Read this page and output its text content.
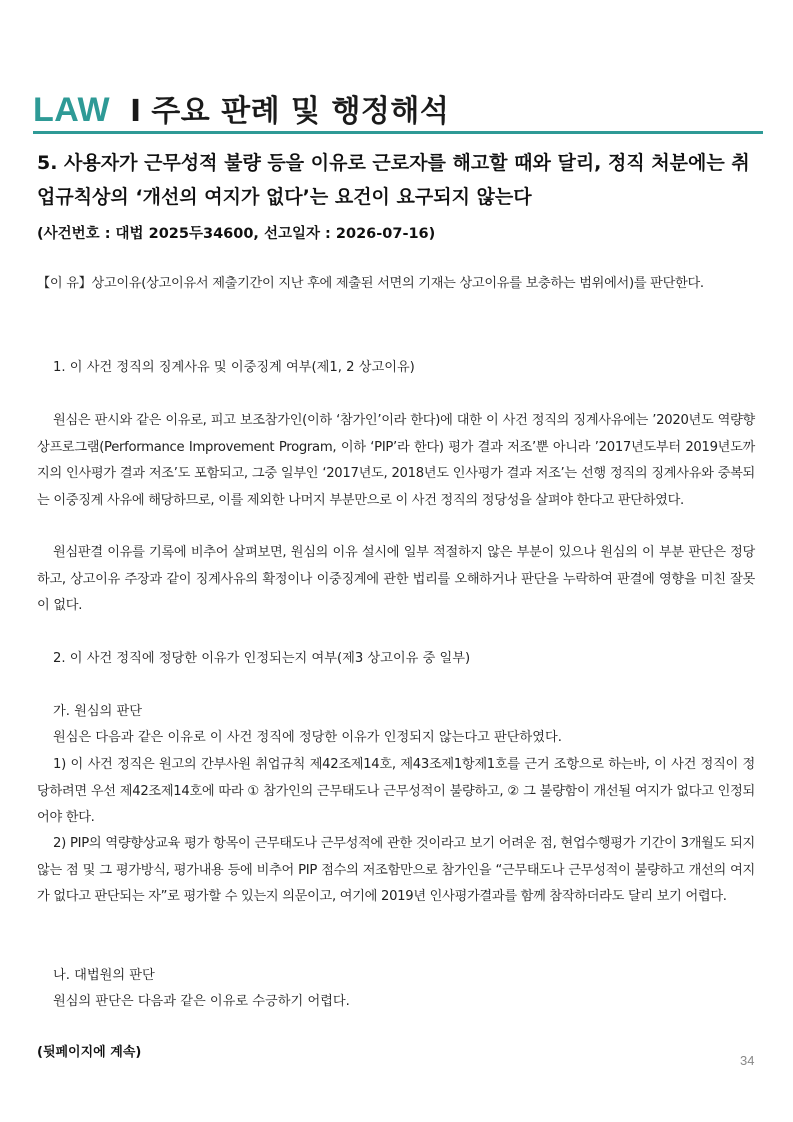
LAW I 주요 판례 및 행정해석
5. 사용자가 근무성적 불량 등을 이유로 근로자를 해고할 때와 달리, 정직 처분에는 취업규칙상의 ‘개선의 여지가 없다’는 요건이 요구되지 않는다
(사건번호 : 대법 2025두34600, 선고일자 : 2026-07-16)
【이 유】상고이유(상고이유서 제출기간이 지난 후에 제출된 서면의 기재는 상고이유를 보충하는 범위에서)를 판단한다.
1. 이 사건 정직의 징계사유 및 이중징계 여부(제1, 2 상고이유)
원심은 판시와 같은 이유로, 피고 보조참가인(이하 ‘참가인’이라 한다)에 대한 이 사건 정직의 징계사유에는 ’2020년도 역량향상프로그램(Performance Improvement Program, 이하 ‘PIP’라 한다) 평가 결과 저조’뿐 아니라 ’2017년도부터 2019년도까지의 인사평가 결과 저조’도 포함되고, 그중 일부인 ‘2017년도, 2018년도 인사평가 결과 저조’는 선행 정직의 징계사유와 중복되는 이중징계 사유에 해당하므로, 이를 제외한 나머지 부분만으로 이 사건 정직의 정당성을 살펴야 한다고 판단하였다.
원심판결 이유를 기록에 비추어 살펴보면, 원심의 이유 설시에 일부 적절하지 않은 부분이 있으나 원심의 이 부분 판단은 정당하고, 상고이유 주장과 같이 징계사유의 확정이나 이중징계에 관한 법리를 오해하거나 판단을 누락하여 판결에 영향을 미친 잘못이 없다.
2. 이 사건 정직에 정당한 이유가 인정되는지 여부(제3 상고이유 중 일부)
가. 원심의 판단
원심은 다음과 같은 이유로 이 사건 정직에 정당한 이유가 인정되지 않는다고 판단하였다.
1) 이 사건 정직은 원고의 간부사원 취업규칙 제42조제14호, 제43조제1항제1호를 근거 조항으로 하는바, 이 사건 정직이 정당하려면 우선 제42조제14호에 따라 ① 참가인의 근무태도나 근무성적이 불량하고, ② 그 불량함이 개선될 여지가 없다고 인정되어야 한다.
2) PIP의 역량향상교육 평가 항목이 근무태도나 근무성적에 관한 것이라고 보기 어려운 점, 현업수행평가 기간이 3개월도 되지 않는 점 및 그 평가방식, 평가내용 등에 비추어 PIP 점수의 저조함만으로 참가인을 “근무태도나 근무성적이 불량하고 개선의 여지가 없다고 판단되는 자”로 평가할 수 있는지 의문이고, 여기에 2019년 인사평가결과를 함께 참작하더라도 달리 보기 어렵다.
나. 대법원의 판단
원심의 판단은 다음과 같은 이유로 수긍하기 어렵다.
(뒷페이지에 계속)
34
